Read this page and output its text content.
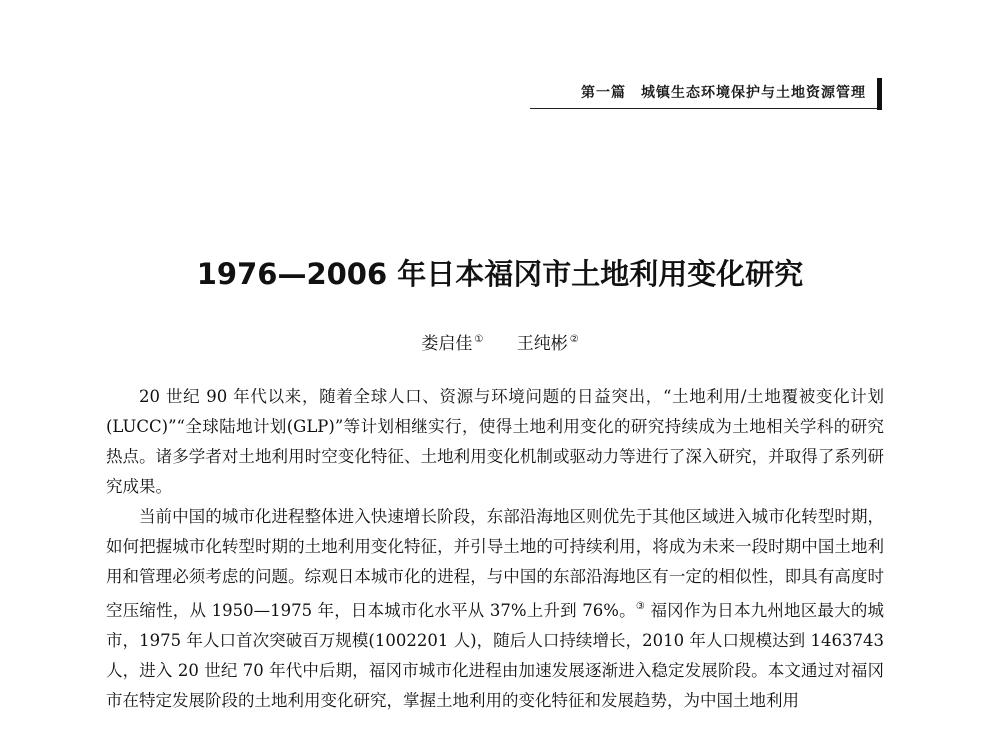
第一篇　城镇生态环境保护与土地资源管理
1976—2006 年日本福冈市土地利用变化研究
娄启佳 ① 王纯彬 ②

20 世纪 90 年代以来，随着全球人口、资源与环境问题的日益突出，“土地利用/土地覆被变化计划(LUCC)”“全球陆地计划(GLP)”等计划相继实行，使得土地利用变化的研究持续成为土地相关学科的研究热点。诸多学者对土地利用时空变化特征、土地利用变化机制或驱动力等进行了深入研究，并取得了系列研究成果。

当前中国的城市化进程整体进入快速增长阶段，东部沿海地区则优先于其他区域进入城市化转型时期，如何把握城市化转型时期的土地利用变化特征，并引导土地的可持续利用，将成为未来一段时期中国土地利用和管理必须考虑的问题。综观日本城市化的进程，与中国的东部沿海地区有一定的相似性，即具有高度时空压缩性，从 1950—1975 年，日本城市化水平从 37%上升到 76%。③ 福冈作为日本九州地区最大的城市，1975 年人口首次突破百万规模(1002201 人)，随后人口持续增长，2010 年人口规模达到 1463743 人，进入 20 世纪 70 年代中后期，福冈市城市化进程由加速发展逐渐进入稳定发展阶段。本文通过对福冈市在特定发展阶段的土地利用变化研究，掌握土地利用的变化特征和发展趋势，为中国土地利用
